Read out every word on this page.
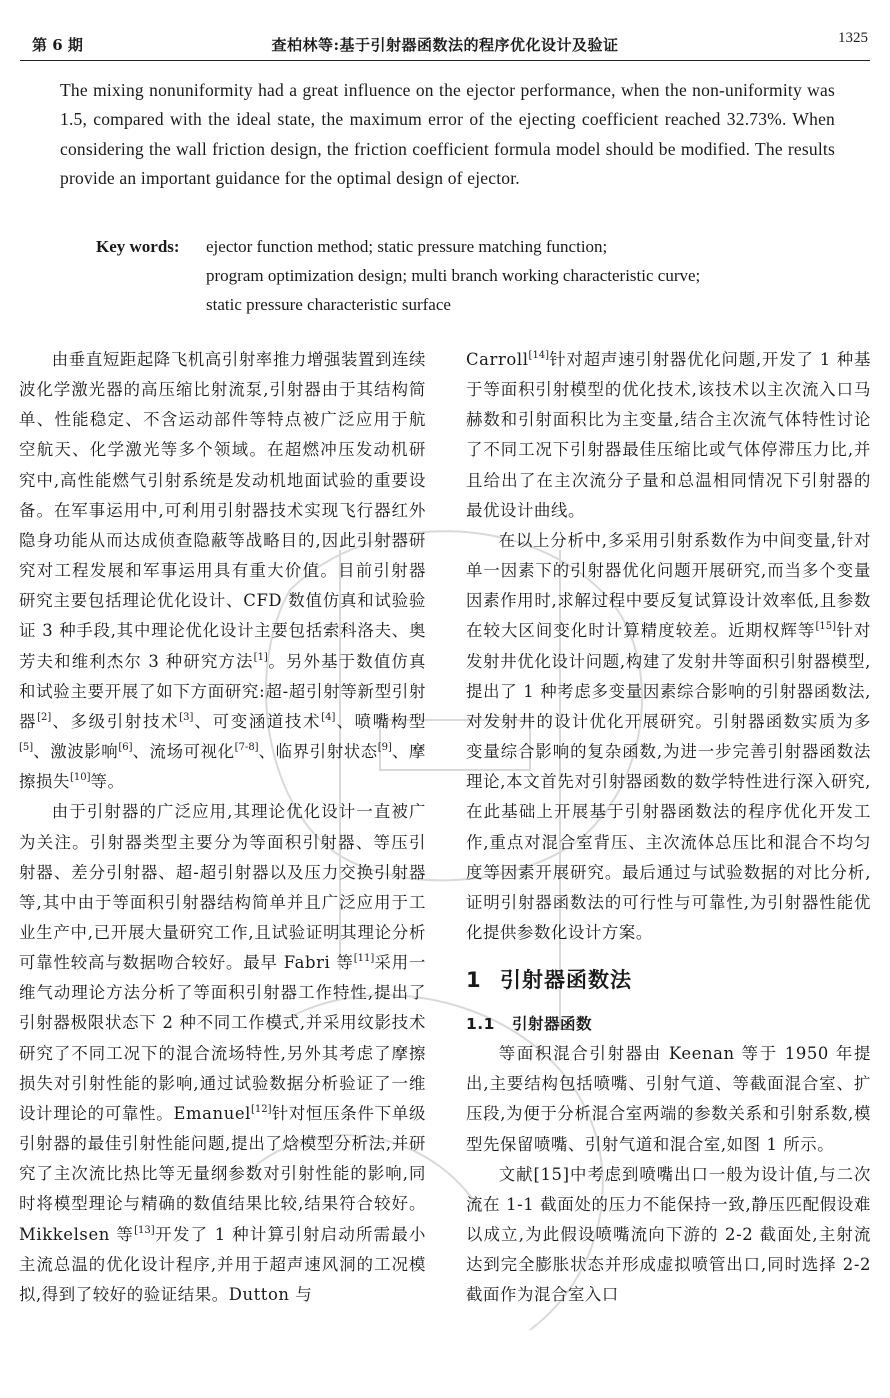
第 6 期	查柏林等:基于引射器函数法的程序优化设计及验证	1325
The mixing nonuniformity had a great influence on the ejector performance, when the non-uniformity was 1.5, compared with the ideal state, the maximum error of the ejecting coefficient reached 32.73%. When considering the wall friction design, the friction coefficient formula model should be modified. The results provide an important guidance for the optimal design of ejector.
Key words: ejector function method; static pressure matching function;
program optimization design; multi branch working characteristic curve;
static pressure characteristic surface

由垂直短距起降飞机高引射率推力增强装置到连续波化学激光器的高压缩比射流泵,引射器由于其结构简单、性能稳定、不含运动部件等特点被广泛应用于航空航天、化学激光等多个领域。在超燃冲压发动机研究中,高性能燃气引射系统是发动机地面试验的重要设备。在军事运用中,可利用引射器技术实现飞行器红外隐身功能从而达成侦查隐蔽等战略目的,因此引射器研究对工程发展和军事运用具有重大价值。目前引射器研究主要包括理论优化设计、CFD 数值仿真和试验验证 3 种手段,其中理论优化设计主要包括索科洛夫、奥芳夫和维利杰尔 3 种研究方法[1]。另外基于数值仿真和试验主要开展了如下方面研究:超-超引射等新型引射器[2]、多级引射技术[3]、可变涵道技术[4]、喷嘴构型[5]、激波影响[6]、流场可视化[7-8]、临界引射状态[9]、摩擦损失[10]等。

由于引射器的广泛应用,其理论优化设计一直被广为关注。引射器类型主要分为等面积引射器、等压引射器、差分引射器、超-超引射器以及压力交换引射器等,其中由于等面积引射器结构简单并且广泛应用于工业生产中,已开展大量研究工作,且试验证明其理论分析可靠性较高与数据吻合较好。最早 Fabri 等[11]采用一维气动理论方法分析了等面积引射器工作特性,提出了引射器极限状态下 2 种不同工作模式,并采用纹影技术研究了不同工况下的混合流场特性,另外其考虑了摩擦损失对引射性能的影响,通过试验数据分析验证了一维设计理论的可靠性。Emanuel[12]针对恒压条件下单级引射器的最佳引射性能问题,提出了焓模型分析法,并研究了主次流比热比等无量纲参数对引射性能的影响,同时将模型理论与精确的数值结果比较,结果符合较好。Mikkelsen 等[13]开发了 1 种计算引射启动所需最小主流总温的优化设计程序,并用于超声速风洞的工况模拟,得到了较好的验证结果。Dutton 与

Carroll[14]针对超声速引射器优化问题,开发了 1 种基于等面积引射模型的优化技术,该技术以主次流入口马赫数和引射面积比为主变量,结合主次流气体特性讨论了不同工况下引射器最佳压缩比或气体停滞压力比,并且给出了在主次流分子量和总温相同情况下引射器的最优设计曲线。

在以上分析中,多采用引射系数作为中间变量,针对单一因素下的引射器优化问题开展研究,而当多个变量因素作用时,求解过程中要反复试算设计效率低,且参数在较大区间变化时计算精度较差。近期权辉等[15]针对发射井优化设计问题,构建了发射井等面积引射器模型,提出了 1 种考虑多变量因素综合影响的引射器函数法,对发射井的设计优化开展研究。引射器函数实质为多变量综合影响的复杂函数,为进一步完善引射器函数法理论,本文首先对引射器函数的数学特性进行深入研究,在此基础上开展基于引射器函数法的程序优化开发工作,重点对混合室背压、主次流体总压比和混合不均匀度等因素开展研究。最后通过与试验数据的对比分析,证明引射器函数法的可行性与可靠性,为引射器性能优化提供参数化设计方案。

1 引射器函数法
1.1 引射器函数

等面积混合引射器由 Keenan 等于 1950 年提出,主要结构包括喷嘴、引射气道、等截面混合室、扩压段,为便于分析混合室两端的参数关系和引射系数,模型先保留喷嘴、引射气道和混合室,如图 1 所示。

文献[15]中考虑到喷嘴出口一般为设计值,与二次流在 1-1 截面处的压力不能保持一致,静压匹配假设难以成立,为此假设喷嘴流向下游的 2-2 截面处,主射流达到完全膨胀状态并形成虚拟喷管出口,同时选择 2-2 截面作为混合室入口
